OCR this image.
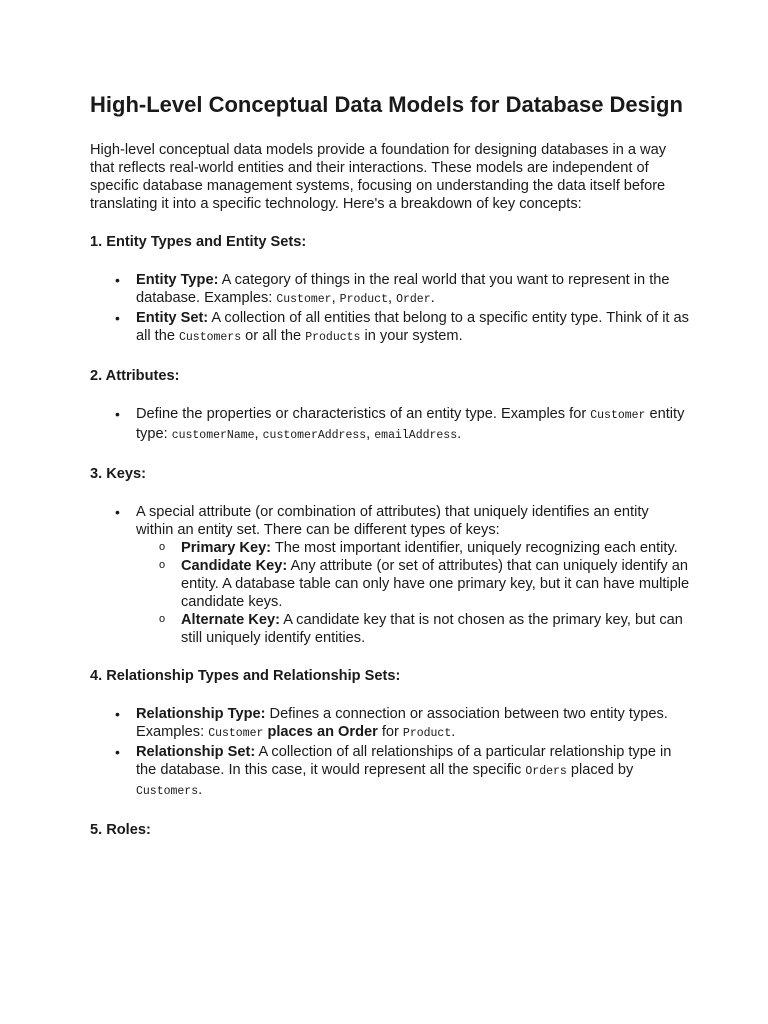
High-Level Conceptual Data Models for Database Design

High-level conceptual data models provide a foundation for designing databases in a way that reflects real-world entities and their interactions. These models are independent of specific database management systems, focusing on understanding the data itself before translating it into a specific technology. Here's a breakdown of key concepts:

1. Entity Types and Entity Sets:
• Entity Type: A category of things in the real world that you want to represent in the database. Examples: Customer, Product, Order.
• Entity Set: A collection of all entities that belong to a specific entity type. Think of it as all the Customers or all the Products in your system.
2. Attributes:
• Define the properties or characteristics of an entity type. Examples for Customer entity type: customerName, customerAddress, emailAddress.
3. Keys:
• A special attribute (or combination of attributes) that uniquely identifies an entity within an entity set. There can be different types of keys:
o Primary Key: The most important identifier, uniquely recognizing each entity.
o Candidate Key: Any attribute (or set of attributes) that can uniquely identify an entity. A database table can only have one primary key, but it can have multiple candidate keys.
o Alternate Key: A candidate key that is not chosen as the primary key, but can still uniquely identify entities.
4. Relationship Types and Relationship Sets:
• Relationship Type: Defines a connection or association between two entity types. Examples: Customer places an Order for Product.
• Relationship Set: A collection of all relationships of a particular relationship type in the database. In this case, it would represent all the specific Orders placed by Customers.
5. Roles:
